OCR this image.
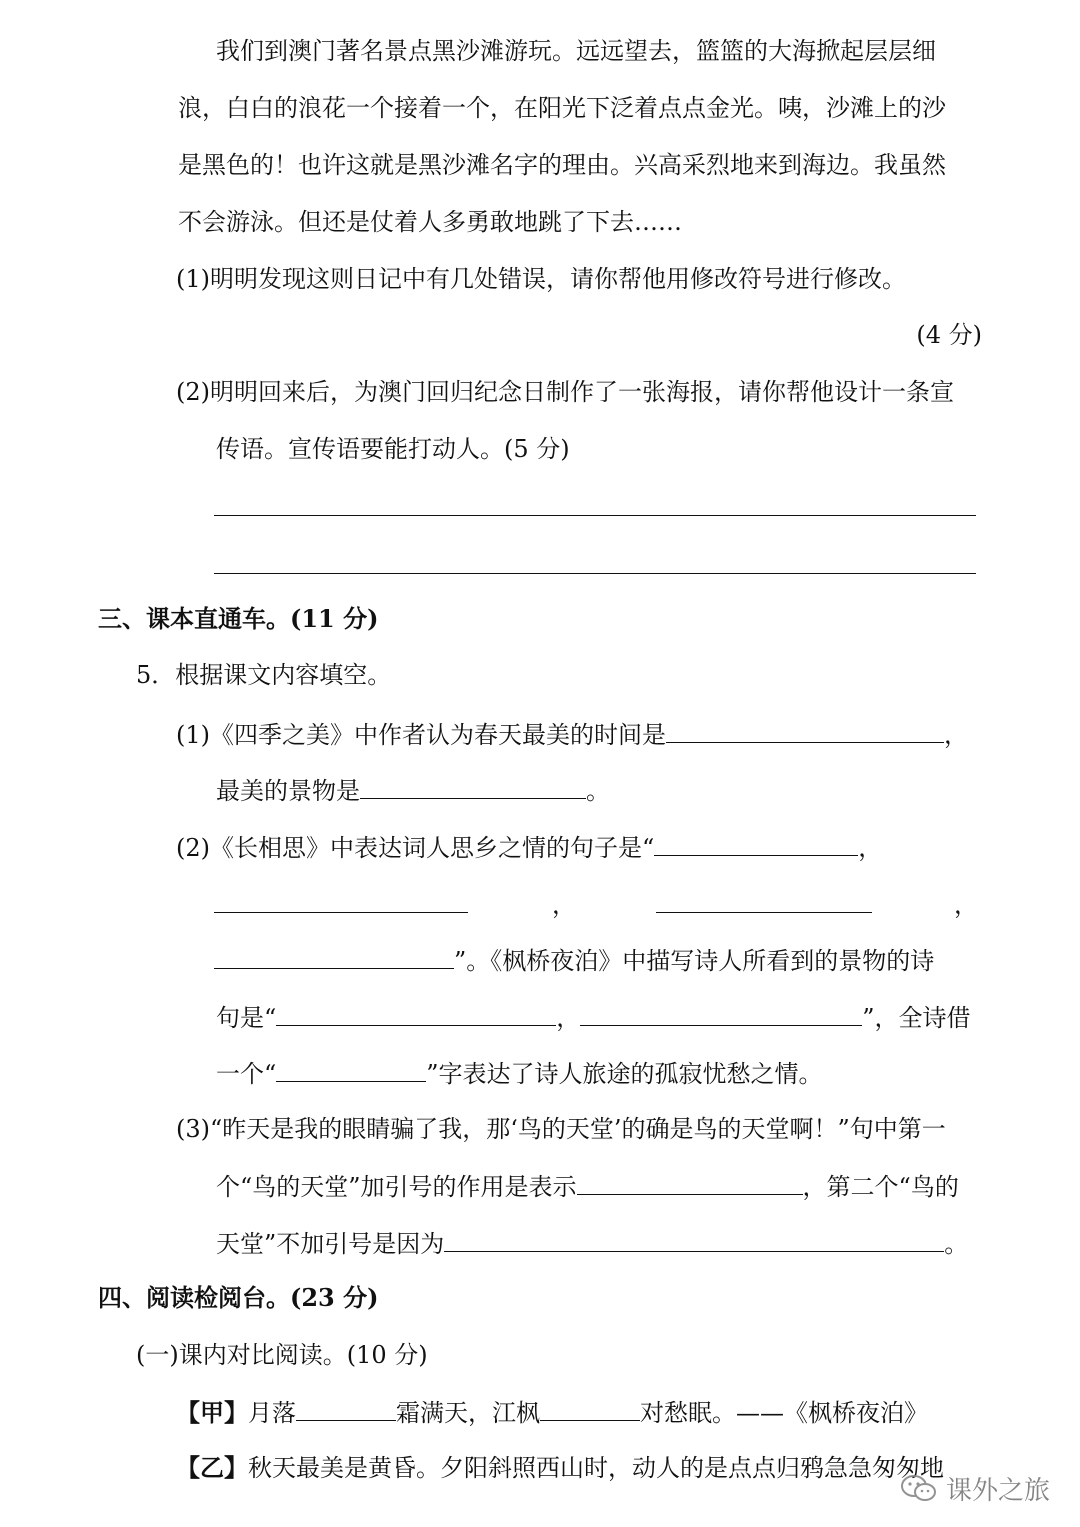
我们到澳门著名景点黑沙滩游玩。远远望去，篮篮的大海掀起层层细
浪，白白的浪花一个接着一个，在阳光下泛着点点金光。咦，沙滩上的沙
是黑色的！也许这就是黑沙滩名字的理由。兴高采烈地来到海边。我虽然
不会游泳。但还是仗着人多勇敢地跳了下去……
(1)明明发现这则日记中有几处错误，请你帮他用修改符号进行修改。
(4 分)
(2)明明回来后，为澳门回归纪念日制作了一张海报，请你帮他设计一条宣
传语。宣传语要能打动人。(5 分)
三、课本直通车。(11 分)
5．根据课文内容填空。
(1)《四季之美》中作者认为春天最美的时间是	，
最美的景物是	。
(2)《长相思》中表达词人思乡之情的句子是“	，
，	，
”。《枫桥夜泊》中描写诗人所看到的景物的诗
句是“	，	”，全诗借
一个“	”字表达了诗人旅途的孤寂忧愁之情。
(3)“昨天是我的眼睛骗了我，那‘鸟的天堂’的确是鸟的天堂啊！”句中第一
个“鸟的天堂”加引号的作用是表示	，第二个“鸟的
天堂”不加引号是因为	。
四、阅读检阅台。(23 分)
(一)课内对比阅读。(10 分)
【甲】月落	霜满天，江枫	对愁眠。——《枫桥夜泊》
【乙】秋天最美是黄昏。夕阳斜照西山时，动人的是点点归鸦急急匆匆地
课外之旅
